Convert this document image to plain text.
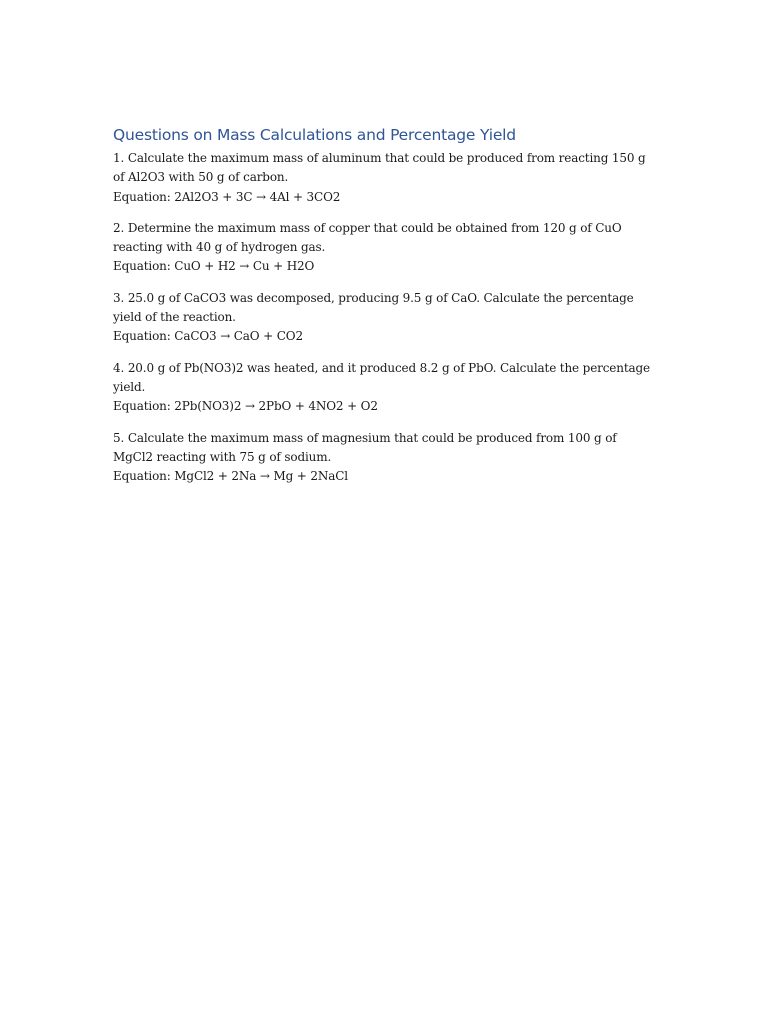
Questions on Mass Calculations and Percentage Yield

1. Calculate the maximum mass of aluminum that could be produced from reacting 150 g of Al2O3 with 50 g of carbon.

Equation: 2Al2O3 + 3C → 4Al + 3CO2

2. Determine the maximum mass of copper that could be obtained from 120 g of CuO reacting with 40 g of hydrogen gas.

Equation: CuO + H2 → Cu + H2O

3. 25.0 g of CaCO3 was decomposed, producing 9.5 g of CaO. Calculate the percentage yield of the reaction.

Equation: CaCO3 → CaO + CO2

4. 20.0 g of Pb(NO3)2 was heated, and it produced 8.2 g of PbO. Calculate the percentage yield.

Equation: 2Pb(NO3)2 → 2PbO + 4NO2 + O2

5. Calculate the maximum mass of magnesium that could be produced from 100 g of MgCl2 reacting with 75 g of sodium.

Equation: MgCl2 + 2Na → Mg + 2NaCl
